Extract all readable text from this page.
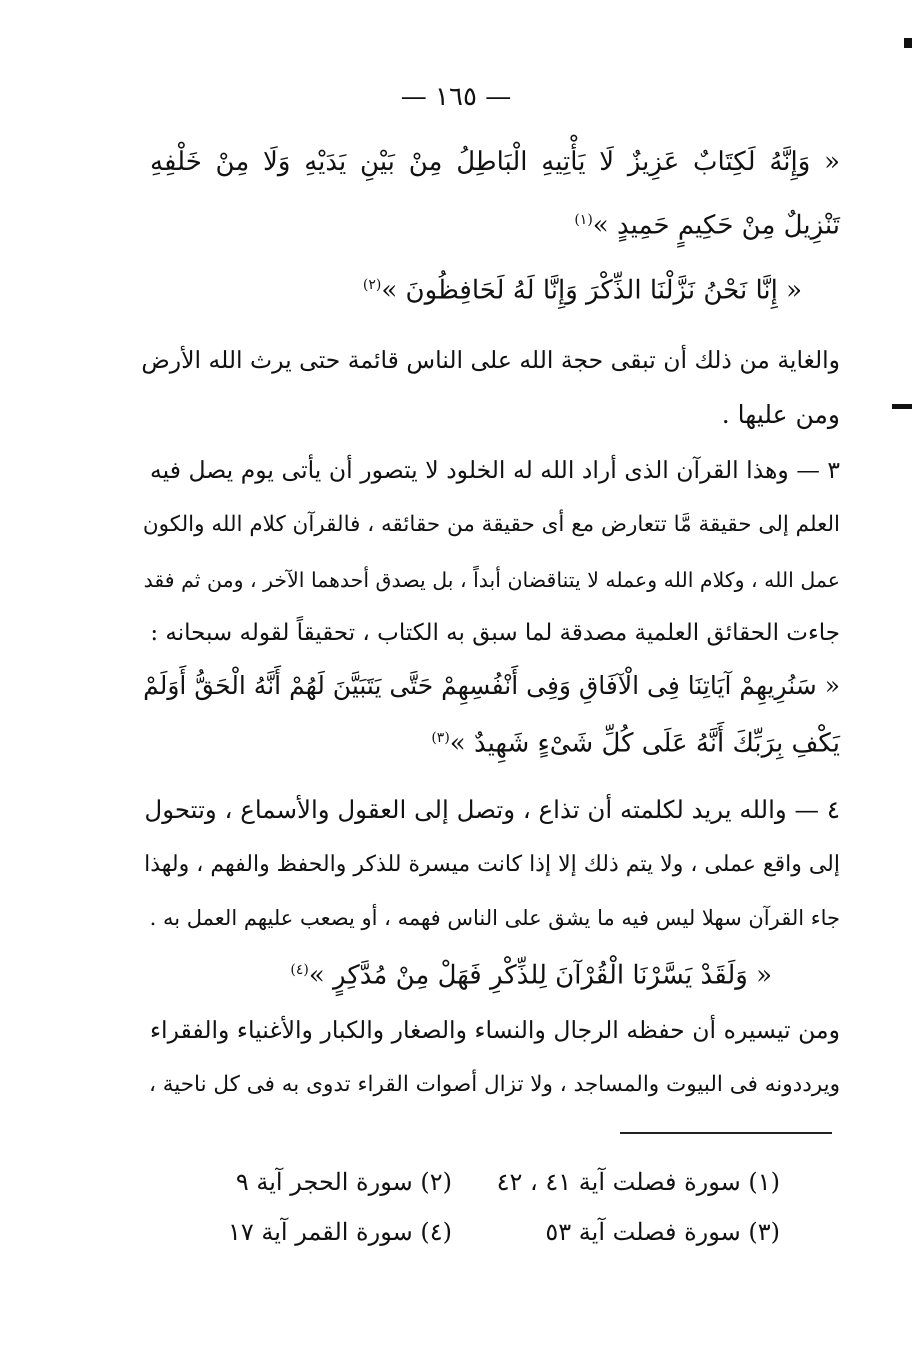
— ١٦٥ —
« وَإِنَّهُ لَكِتَابٌ عَزِيزٌ لَا يَأْتِيهِ الْبَاطِلُ مِنْ بَيْنِ يَدَيْهِ وَلَا مِنْ خَلْفِهِ
تَنْزِيلٌ مِنْ حَكِيمٍ حَمِيدٍ »$^{(١)}$
« إِنَّا نَحْنُ نَزَّلْنَا الذِّكْرَ وَإِنَّا لَهُ لَحَافِظُونَ »$^{(٢)}$
والغاية من ذلك أن تبقى حجة الله على الناس قائمة حتى يرث الله الأرض
ومن عليها .
٣ — وهذا القرآن الذى أراد الله له الخلود لا يتصور أن يأتى يوم يصل فيه
العلم إلى حقيقة مَّا تتعارض مع أى حقيقة من حقائقه ، فالقرآن كلام الله والكون
عمل الله ، وكلام الله وعمله لا يتناقضان أبداً ، بل يصدق أحدهما الآخر ، ومن ثم فقد
جاءت الحقائق العلمية مصدقة لما سبق به الكتاب ، تحقيقاً لقوله سبحانه :
« سَنُرِيهِمْ آيَاتِنَا فِى الْآفَاقِ وَفِى أَنْفُسِهِمْ حَتَّى يَتَبَيَّنَ لَهُمْ أَنَّهُ الْحَقُّ أَوَلَمْ
يَكْفِ بِرَبِّكَ أَنَّهُ عَلَى كُلِّ شَىْءٍ شَهِيدٌ »$^{(٣)}$
٤ — والله يريد لكلمته أن تذاع ، وتصل إلى العقول والأسماع ، وتتحول
إلى واقع عملى ، ولا يتم ذلك إلا إذا كانت ميسرة للذكر والحفظ والفهم ، ولهذا
جاء القرآن سهلا ليس فيه ما يشق على الناس فهمه ، أو يصعب عليهم العمل به .
« وَلَقَدْ يَسَّرْنَا الْقُرْآنَ لِلذِّكْرِ فَهَلْ مِنْ مُدَّكِرٍ »$^{(٤)}$
ومن تيسيره أن حفظه الرجال والنساء والصغار والكبار والأغنياء والفقراء
ويرددونه فى البيوت والمساجد ، ولا تزال أصوات القراء تدوى به فى كل ناحية ،
(١) سورة فصلت آية ٤١ ، ٤٢
(٢) سورة الحجر آية ٩
(٣) سورة فصلت آية ٥٣
(٤) سورة القمر آية ١٧
